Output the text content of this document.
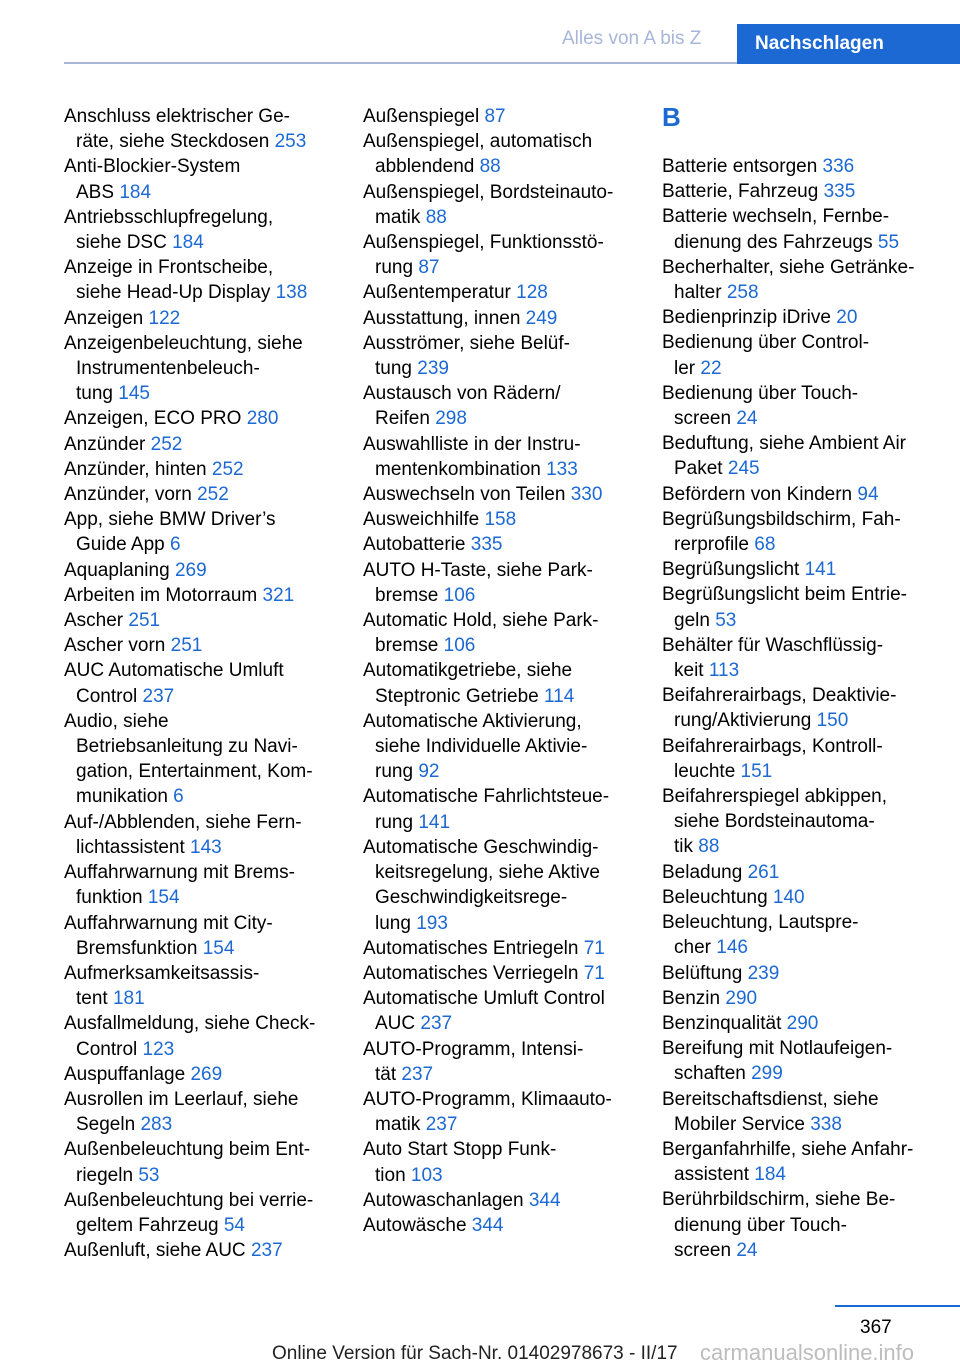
Alles von A bis Z	Nachschlagen
Anschluss elektrischer Ge-
räte, siehe Steckdosen 253
Anti-Blockier-System
ABS 184
Antriebsschlupfregelung,
siehe DSC 184
Anzeige in Frontscheibe,
siehe Head-Up Display 138
Anzeigen 122
Anzeigenbeleuchtung, siehe
Instrumentenbeleuch-
tung 145
Anzeigen, ECO PRO 280
Anzünder 252
Anzünder, hinten 252
Anzünder, vorn 252
App, siehe BMW Driver’s
Guide App 6
Aquaplaning 269
Arbeiten im Motorraum 321
Ascher 251
Ascher vorn 251
AUC Automatische Umluft
Control 237
Audio, siehe
Betriebsanleitung zu Navi-
gation, Entertainment, Kom-
munikation 6
Auf-/Abblenden, siehe Fern-
lichtassistent 143
Auffahrwarnung mit Brems-
funktion 154
Auffahrwarnung mit City-
Bremsfunktion 154
Aufmerksamkeitsassis-
tent 181
Ausfallmeldung, siehe Check-
Control 123
Auspuffanlage 269
Ausrollen im Leerlauf, siehe
Segeln 283
Außenbeleuchtung beim Ent-
riegeln 53
Außenbeleuchtung bei verrie-
geltem Fahrzeug 54
Außenluft, siehe AUC 237
Außenspiegel 87
Außenspiegel, automatisch
abblendend 88
Außenspiegel, Bordsteinauto-
matik 88
Außenspiegel, Funktionsstö-
rung 87
Außentemperatur 128
Ausstattung, innen 249
Ausströmer, siehe Belüf-
tung 239
Austausch von Rädern/
Reifen 298
Auswahlliste in der Instru-
mentenkombination 133
Auswechseln von Teilen 330
Ausweichhilfe 158
Autobatterie 335
AUTO H-Taste, siehe Park-
bremse 106
Automatic Hold, siehe Park-
bremse 106
Automatikgetriebe, siehe
Steptronic Getriebe 114
Automatische Aktivierung,
siehe Individuelle Aktivie-
rung 92
Automatische Fahrlichtsteue-
rung 141
Automatische Geschwindig-
keitsregelung, siehe Aktive
Geschwindigkeitsrege-
lung 193
Automatisches Entriegeln 71
Automatisches Verriegeln 71
Automatische Umluft Control
AUC 237
AUTO-Programm, Intensi-
tät 237
AUTO-Programm, Klimaauto-
matik 237
Auto Start Stopp Funk-
tion 103
Autowaschanlagen 344
Autowäsche 344
B
Batterie entsorgen 336
Batterie, Fahrzeug 335
Batterie wechseln, Fernbe-
dienung des Fahrzeugs 55
Becherhalter, siehe Getränke-
halter 258
Bedienprinzip iDrive 20
Bedienung über Control-
ler 22
Bedienung über Touch-
screen 24
Beduftung, siehe Ambient Air
Paket 245
Befördern von Kindern 94
Begrüßungsbildschirm, Fah-
rerprofile 68
Begrüßungslicht 141
Begrüßungslicht beim Entrie-
geln 53
Behälter für Waschflüssig-
keit 113
Beifahrerairbags, Deaktivie-
rung/Aktivierung 150
Beifahrerairbags, Kontroll-
leuchte 151
Beifahrerspiegel abkippen,
siehe Bordsteinautoma-
tik 88
Beladung 261
Beleuchtung 140
Beleuchtung, Lautspre-
cher 146
Belüftung 239
Benzin 290
Benzinqualität 290
Bereifung mit Notlaufeigen-
schaften 299
Bereitschaftsdienst, siehe
Mobiler Service 338
Berganfahrhilfe, siehe Anfahr-
assistent 184
Berührbildschirm, siehe Be-
dienung über Touch-
screen 24
367
carmanualsonline.info
Online Version für Sach-Nr. 01402978673 - II/17
